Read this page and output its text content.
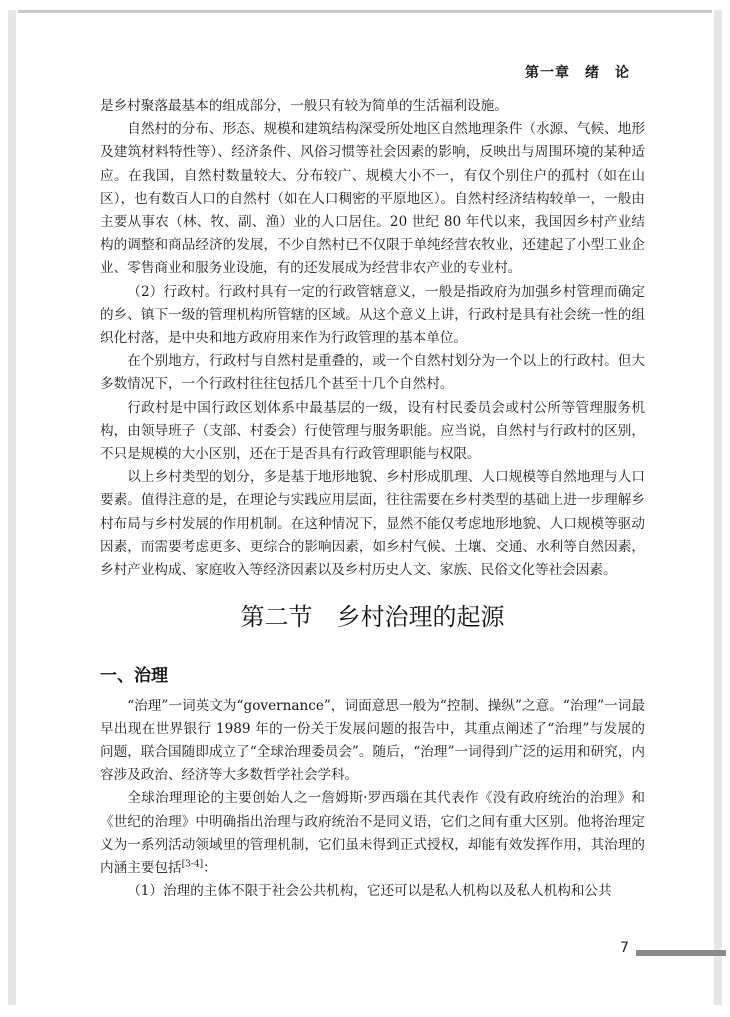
第一章　绪　论

是乡村聚落最基本的组成部分，一般只有较为简单的生活福利设施。

自然村的分布、形态、规模和建筑结构深受所处地区自然地理条件（水源、气候、地形及建筑材料特性等）、经济条件、风俗习惯等社会因素的影响，反映出与周围环境的某种适应。在我国，自然村数量较大、分布较广、规模大小不一，有仅个别住户的孤村（如在山区），也有数百人口的自然村（如在人口稠密的平原地区）。自然村经济结构较单一，一般由主要从事农（林、牧、副、渔）业的人口居住。20 世纪 80 年代以来，我国因乡村产业结构的调整和商品经济的发展，不少自然村已不仅限于单纯经营农牧业，还建起了小型工业企业、零售商业和服务业设施，有的还发展成为经营非农产业的专业村。

（2）行政村。行政村具有一定的行政管辖意义，一般是指政府为加强乡村管理而确定的乡、镇下一级的管理机构所管辖的区域。从这个意义上讲，行政村是具有社会统一性的组织化村落，是中央和地方政府用来作为行政管理的基本单位。

在个别地方，行政村与自然村是重叠的，或一个自然村划分为一个以上的行政村。但大多数情况下，一个行政村往往包括几个甚至十几个自然村。

行政村是中国行政区划体系中最基层的一级，设有村民委员会或村公所等管理服务机构，由领导班子（支部、村委会）行使管理与服务职能。应当说，自然村与行政村的区别，不只是规模的大小区别，还在于是否具有行政管理职能与权限。

以上乡村类型的划分，多是基于地形地貌、乡村形成肌理、人口规模等自然地理与人口要素。值得注意的是，在理论与实践应用层面，往往需要在乡村类型的基础上进一步理解乡村布局与乡村发展的作用机制。在这种情况下，显然不能仅考虑地形地貌、人口规模等驱动因素，而需要考虑更多、更综合的影响因素，如乡村气候、土壤、交通、水利等自然因素，乡村产业构成、家庭收入等经济因素以及乡村历史人文、家族、民俗文化等社会因素。

第二节　乡村治理的起源
一、治理

“治理”一词英文为“governance”，词面意思一般为“控制、操纵”之意。“治理”一词最早出现在世界银行 1989 年的一份关于发展问题的报告中，其重点阐述了“治理”与发展的问题，联合国随即成立了“全球治理委员会”。随后，“治理”一词得到广泛的运用和研究，内容涉及政治、经济等大多数哲学社会学科。

全球治理理论的主要创始人之一詹姆斯·罗西瑙在其代表作《没有政府统治的治理》和《世纪的治理》中明确指出治理与政府统治不是同义语，它们之间有重大区别。他将治理定义为一系列活动领域里的管理机制，它们虽未得到正式授权，却能有效发挥作用，其治理的内涵主要包括[3-4]：

（1）治理的主体不限于社会公共机构，它还可以是私人机构以及私人机构和公共

7
